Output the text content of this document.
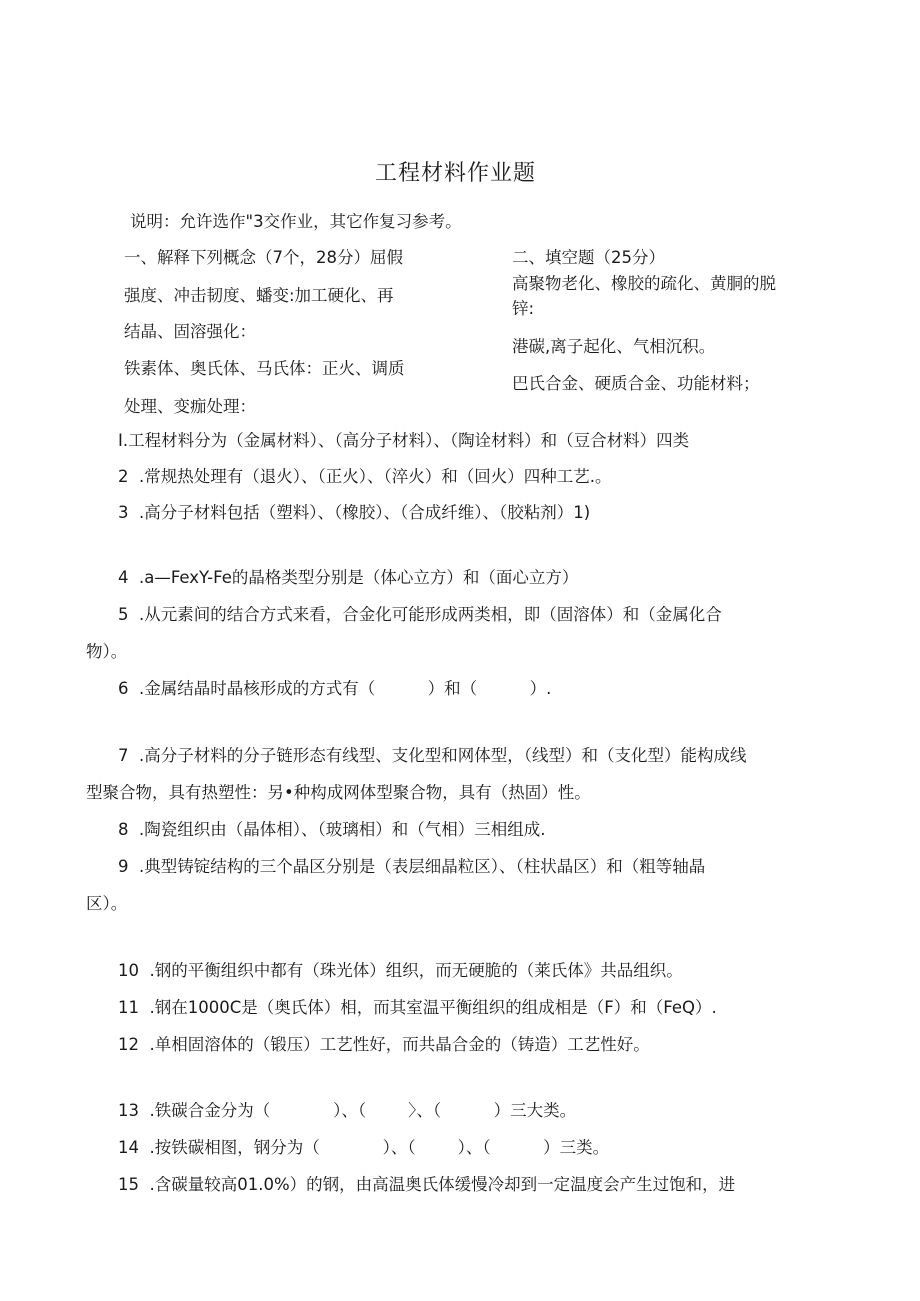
工程材料作业题
说明：允许选作"3交作业，其它作复习参考。
一、解释下列概念（7个，28分）屈假
强度、冲击韧度、蟠变:加工硬化、再
结晶、固溶强化：
铁素体、奥氏体、马氏体：正火、调质
处理、变痂处理：
二、填空题（25分）
高聚物老化、橡胶的疏化、黄胴的脱
锌:
港碳,离子起化、气相沉积。
巴氏合金、硬质合金、功能材料；
I.工程材料分为（金属材料）、（高分子材料）、（陶诠材料）和（豆合材料）四类
2  .常规热处理有（退火）、（正火）、（淬火）和（回火）四种工艺.。
3  .高分子材料包括（塑料）、（橡胶）、（合成纤维）、（胶粘剂）1)
4  .a—FexY-Fe的晶格类型分别是（体心立方）和（面心立方）
5  .从元素间的结合方式来看，合金化可能形成两类相，即（固溶体）和（金属化合
物）。
6  .金属结晶时晶核形成的方式有（          ）和（          ）.
7  .高分子材料的分子链形态有线型、支化型和网体型，（线型）和（支化型）能构成线
型聚合物，具有热塑性：另•种构成网体型聚合物，具有（热固）性。
8  .陶瓷组织由（晶体相）、（玻璃相）和（气相）三相组成.
9  .典型铸锭结构的三个晶区分别是（表层细晶粒区）、（柱状晶区）和（粗等轴晶
区）。
10  .钢的平衡组织中都有（珠光体）组织，而无硬脆的（莱氏体》共品组织。
11  .钢在1000C是（奥氏体）相，而其室温平衡组织的组成相是（F）和（FeQ）.
12  .单相固溶体的（锻压）工艺性好，而共晶合金的（铸造）工艺性好。
13  .铁碳合金分为（            ）、（        〉、（          ）三大类。
14  .按铁碳相图，钢分为（            ）、（        ）、（          ）三类。
15  .含碳量较高01.0%）的钢，由高温奥氏体缓慢冷却到一定温度会产生过饱和，进
